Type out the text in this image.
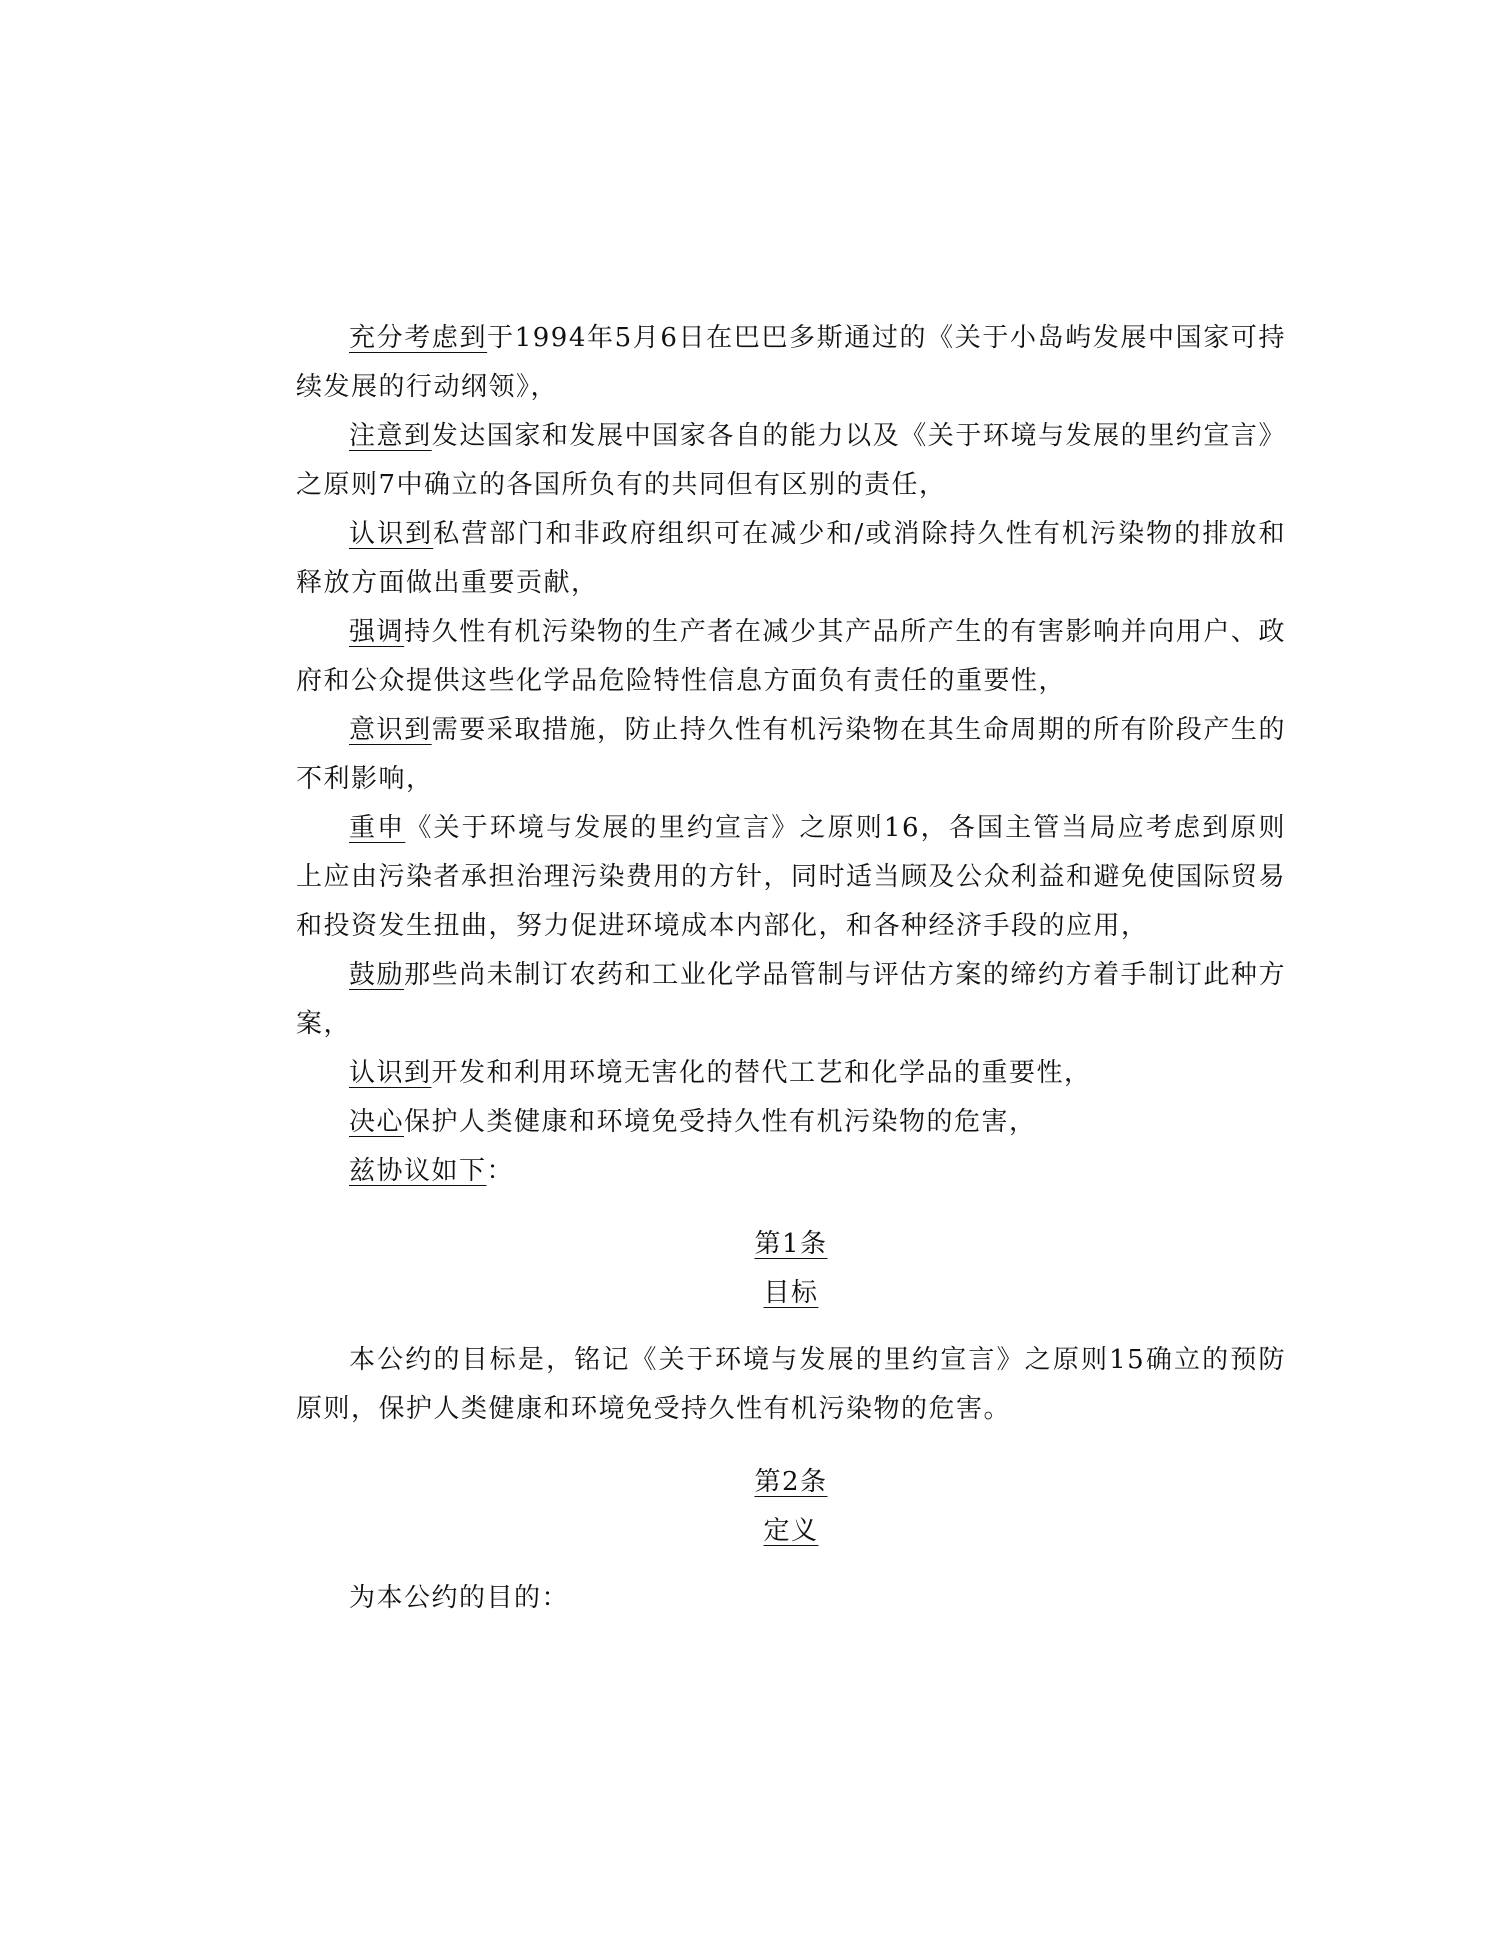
充分考虑到于1994年5月6日在巴巴多斯通过的《关于小岛屿发展中国家可持续发展的行动纲领》，

注意到发达国家和发展中国家各自的能力以及《关于环境与发展的里约宣言》之原则7中确立的各国所负有的共同但有区别的责任，

认识到私营部门和非政府组织可在减少和/或消除持久性有机污染物的排放和释放方面做出重要贡献，

强调持久性有机污染物的生产者在减少其产品所产生的有害影响并向用户、政府和公众提供这些化学品危险特性信息方面负有责任的重要性，

意识到需要采取措施，防止持久性有机污染物在其生命周期的所有阶段产生的不利影响，

重申《关于环境与发展的里约宣言》之原则16，各国主管当局应考虑到原则上应由污染者承担治理污染费用的方针，同时适当顾及公众利益和避免使国际贸易和投资发生扭曲，努力促进环境成本内部化，和各种经济手段的应用，

鼓励那些尚未制订农药和工业化学品管制与评估方案的缔约方着手制订此种方案，

认识到开发和利用环境无害化的替代工艺和化学品的重要性，

决心保护人类健康和环境免受持久性有机污染物的危害，

兹协议如下：

第1条

目标

本公约的目标是，铭记《关于环境与发展的里约宣言》之原则15确立的预防原则，保护人类健康和环境免受持久性有机污染物的危害。

第2条

定义

为本公约的目的：
